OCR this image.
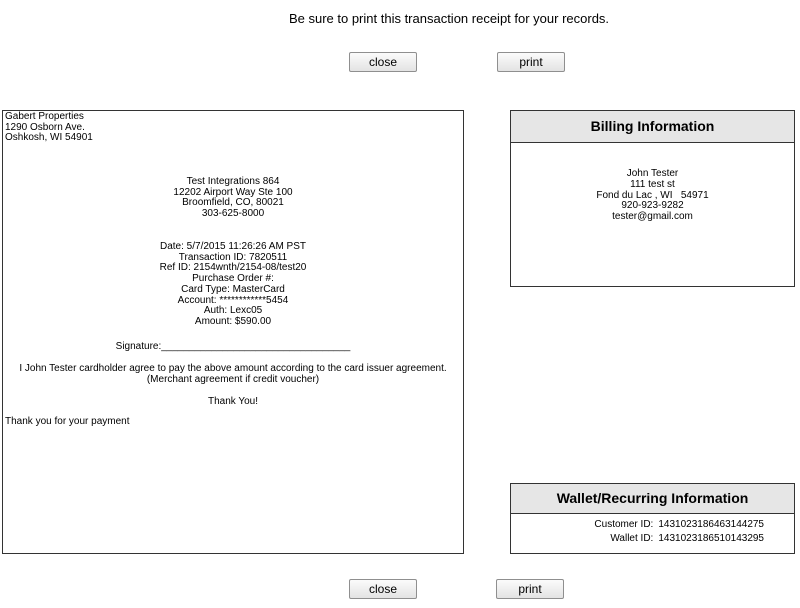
Be sure to print this transaction receipt for your records.
close	print
Gabert Properties
1290 Osborn Ave.
Oshkosh, WI 54901
Test Integrations 864
12202 Airport Way Ste 100
Broomfield, CO, 80021
303-625-8000
Date: 5/7/2015 11:26:26 AM PST
Transaction ID: 7820511
Ref ID: 2154wnth/2154-08/test20
Purchase Order #:
Card Type: MasterCard
Account: ************5454
Auth: Lexc05
Amount: $590.00
Signature:__________________________________
I John Tester cardholder agree to pay the above amount according to the card issuer agreement.
(Merchant agreement if credit voucher)
Thank You!
Thank you for your payment
Billing Information
John Tester
111 test st
Fond du Lac , WI   54971
920-923-9282
tester@gmail.com
Wallet/Recurring Information
Customer ID: 1431023186463144275
Wallet ID: 1431023186510143295
close	print
